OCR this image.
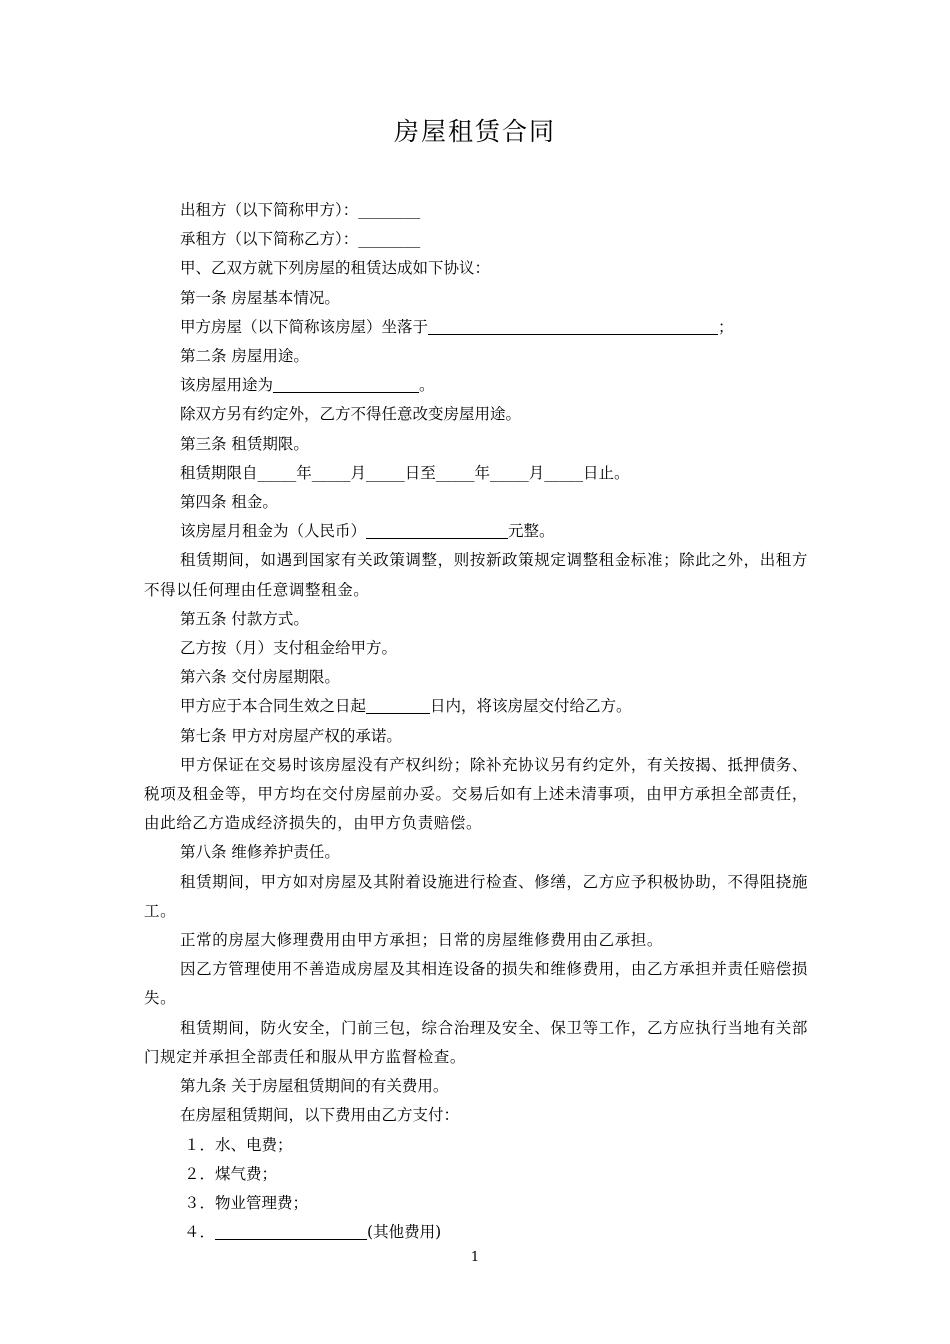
房屋租赁合同

出租方（以下简称甲方）：________

承租方（以下简称乙方）：________

甲、乙双方就下列房屋的租赁达成如下协议：

第一条 房屋基本情况。

甲方房屋（以下简称该房屋）坐落于	；

第二条 房屋用途。

该房屋用途为	。

除双方另有约定外，乙方不得任意改变房屋用途。

第三条 租赁期限。

租赁期限自_____年_____月_____日至_____年_____月_____日止。

第四条 租金。

该房屋月租金为（人民币）	元整。

租赁期间，如遇到国家有关政策调整，则按新政策规定调整租金标准；除此之外，出租方不得以任何理由任意调整租金。

第五条 付款方式。

乙方按（月）支付租金给甲方。

第六条 交付房屋期限。

甲方应于本合同生效之日起	日内，将该房屋交付给乙方。

第七条 甲方对房屋产权的承诺。

甲方保证在交易时该房屋没有产权纠纷；除补充协议另有约定外，有关按揭、抵押债务、税项及租金等，甲方均在交付房屋前办妥。交易后如有上述未清事项，由甲方承担全部责任，由此给乙方造成经济损失的，由甲方负责赔偿。

第八条 维修养护责任。

租赁期间，甲方如对房屋及其附着设施进行检查、修缮，乙方应予积极协助，不得阻挠施工。

正常的房屋大修理费用由甲方承担；日常的房屋维修费用由乙承担。

因乙方管理使用不善造成房屋及其相连设备的损失和维修费用，由乙方承担并责任赔偿损失。

租赁期间，防火安全，门前三包，综合治理及安全、保卫等工作，乙方应执行当地有关部门规定并承担全部责任和服从甲方监督检查。

第九条 关于房屋租赁期间的有关费用。

在房屋租赁期间，以下费用由乙方支付：

１．水、电费；

２．煤气费；

３．物业管理费；

４．	(其他费用)

1
